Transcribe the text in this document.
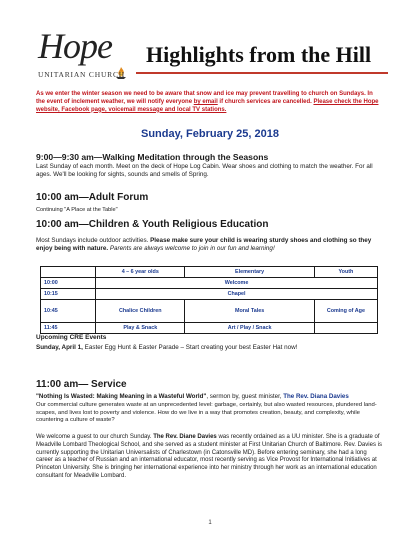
Hope
UNITARIAN CHURCH
Highlights from the Hill
As we enter the winter season we need to be aware that snow and ice may prevent travelling to church on Sundays. In the event of inclement weather, we will notify everyone by email if church services are cancelled. Please check the Hope website, Facebook page, voicemail message and local TV stations.
Sunday, February 25, 2018
9:00—9:30 am—Walking Meditation through the Seasons
Last Sunday of each month. Meet on the deck of Hope Log Cabin. Wear shoes and clothing to match the weather. For all ages. We'll be looking for sights, sounds and smells of Spring.
10:00 am—Adult Forum
Continuing "A Place at the Table"
10:00 am—Children & Youth Religious Education
Most Sundays include outdoor activities. Please make sure your child is wearing sturdy shoes and clothing so they enjoy being with nature. Parents are always welcome to join in our fun and learning!
	4 – 6 year olds	Elementary	Youth
10:00	Welcome		
10:15	Chapel		
10:45	Chalice Children	Moral Tales	Coming of Age
11:45	Play & Snack	Art / Play / Snack	
Upcoming CRE Events
Sunday, April 1, Easter Egg Hunt & Easter Parade – Start creating your best Easter Hat now!
11:00 am— Service
"Nothing Is Wasted: Making Meaning in a Wasteful World", sermon by, guest minister, The Rev. Diana Davies
Our commercial culture generates waste at an unprecedented level: garbage, certainly, but also wasted resources, plundered land-scapes, and lives lost to poverty and violence. How do we live in a way that promotes creation, beauty, and complexity, while countering a culture of waste?
We welcome a guest to our church Sunday. The Rev. Diane Davies was recently ordained as a UU minister. She is a graduate of Meadville Lombard Theological School, and she served as a student minister at First Unitarian Church of Baltimore. Rev. Davies is currently supporting the Unitarian Universalists of Charlestown (in Catonsville MD). Before entering seminary, she had a long career as a teacher of Russian and an international educator, most recently serving as Vice Provost for International Initiatives at Princeton University. She is bringing her international experience into her ministry through her work as an international education consultant for Meadville Lombard.
1
